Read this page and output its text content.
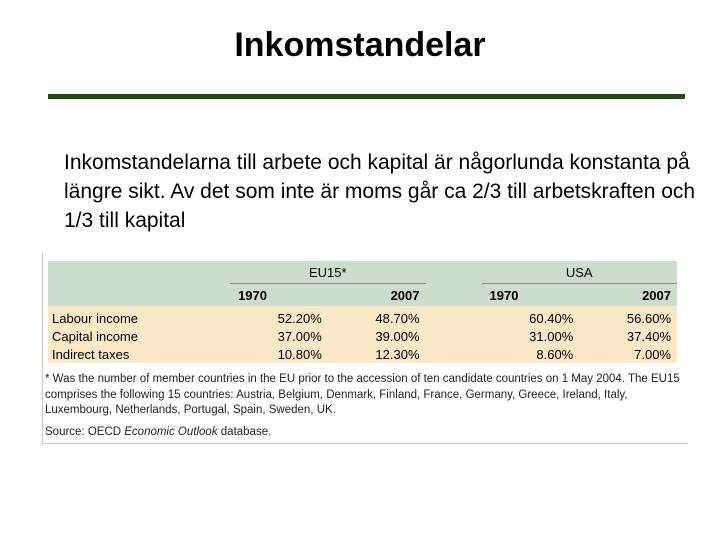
Inkomstandelar

Inkomstandelarna till arbete och kapital är någorlunda konstanta på längre sikt. Av det som inte är moms går ca 2/3 till arbetskraften och 1/3 till kapital

	EU15*			USA	
	1970	2007		1970	2007
Labour income	52.20%	48.70%		60.40%	56.60%
Capital income	37.00%	39.00%		31.00%	37.40%
Indirect taxes	10.80%	12.30%		8.60%	7.00%

* Was the number of member countries in the EU prior to the accession of ten candidate countries on 1 May 2004. The EU15 comprises the following 15 countries: Austria, Belgium, Denmark, Finland, France, Germany, Greece, Ireland, Italy, Luxembourg, Netherlands, Portugal, Spain, Sweden, UK.

Source: OECD Economic Outlook database.
